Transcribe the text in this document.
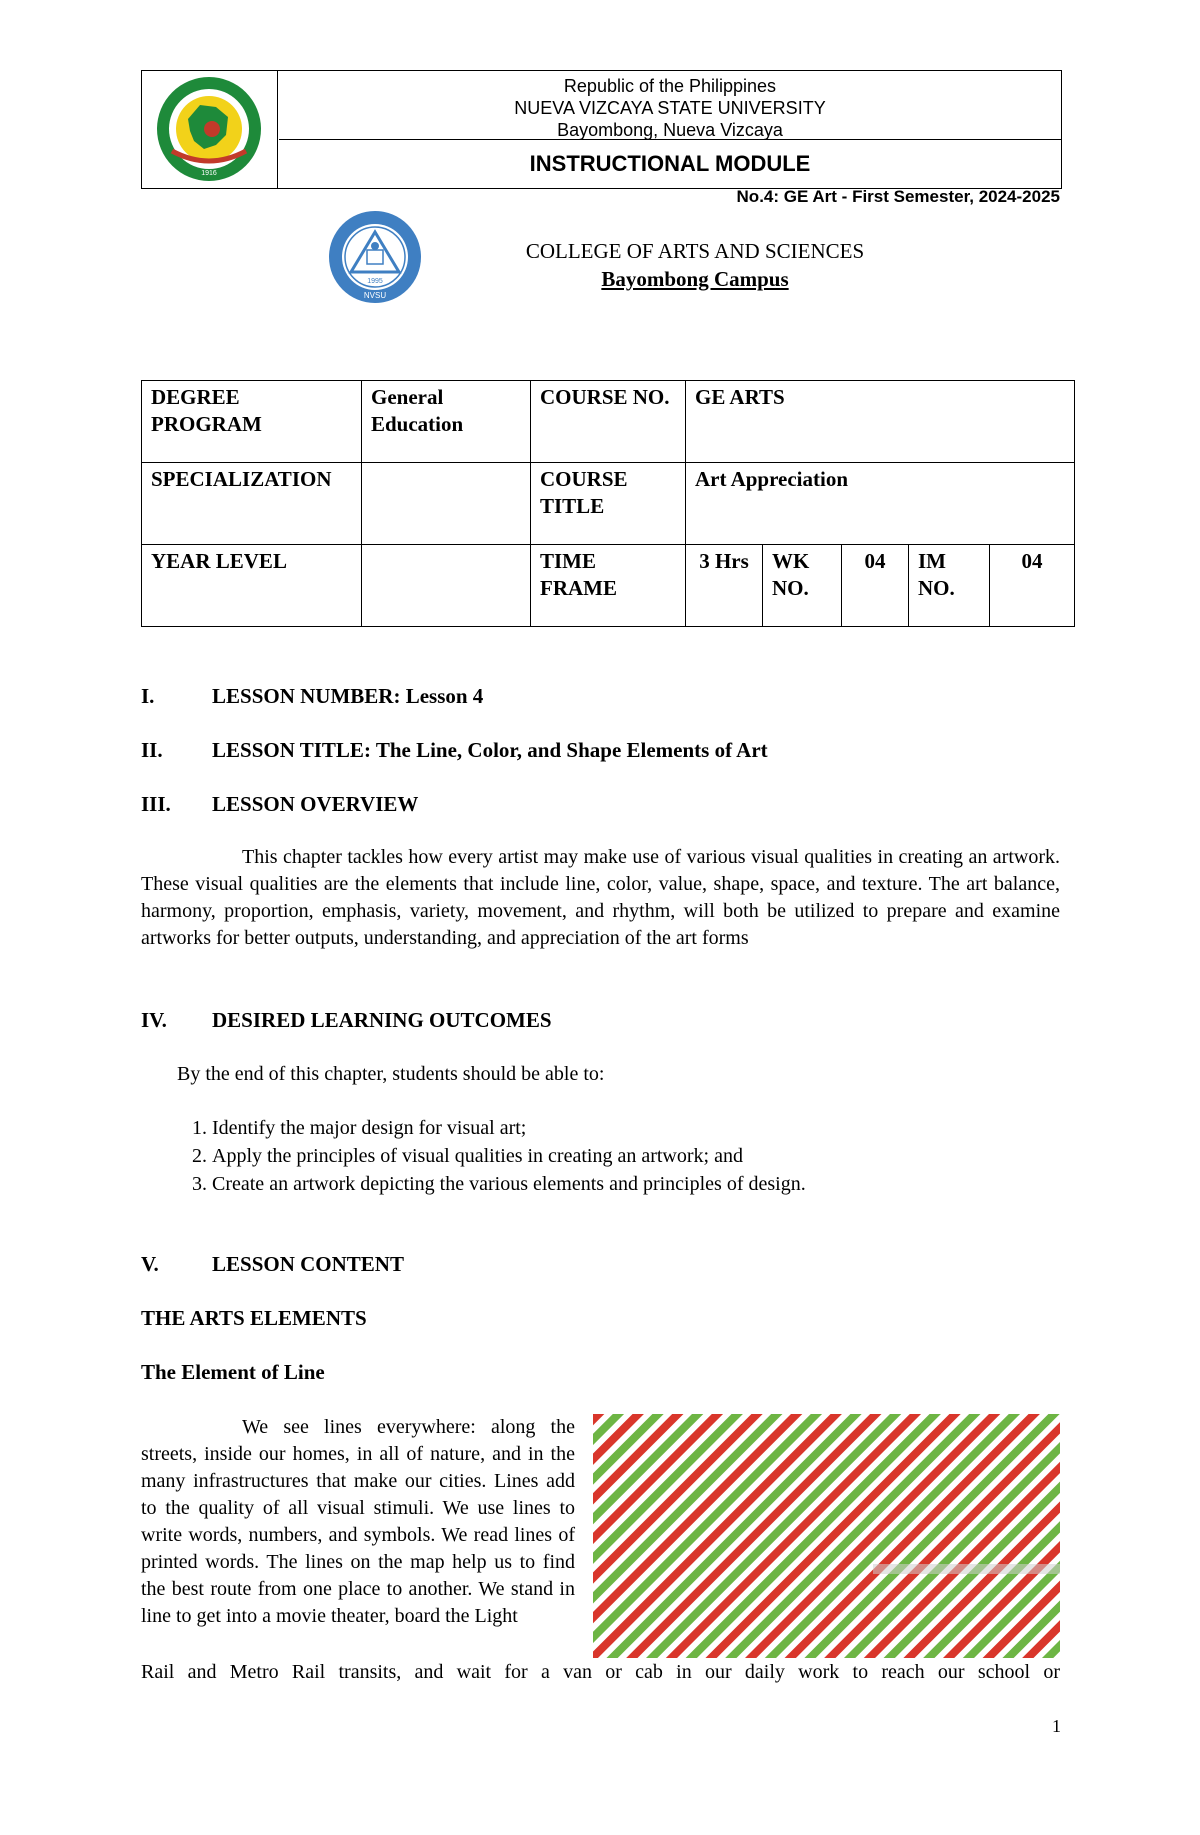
1916
Republic of the Philippines
NUEVA VIZCAYA STATE UNIVERSITY
Bayombong, Nueva Vizcaya
INSTRUCTIONAL MODULE
No.4: GE Art - First Semester, 2024-2025
1995
NVSU
COLLEGE OF ARTS AND SCIENCES
Bayombong Campus
DEGREE PROGRAM	General Education	COURSE NO.	GE ARTS				
SPECIALIZATION		COURSE TITLE	Art Appreciation				
YEAR LEVEL		TIME FRAME	3 Hrs	WK NO.	04	IM NO.	04
I.	LESSON NUMBER: Lesson 4
II. LESSON TITLE: The Line, Color, and Shape Elements of Art
III. LESSON OVERVIEW
This chapter tackles how every artist may make use of various visual qualities in creating an artwork. These visual qualities are the elements that include line, color, value, shape, space, and texture. The art balance, harmony, proportion, emphasis, variety, movement, and rhythm, will both be utilized to prepare and examine artworks for better outputs, understanding, and appreciation of the art forms
IV. DESIRED LEARNING OUTCOMES
By the end of this chapter, students should be able to:
1. Identify the major design for visual art;
2. Apply the principles of visual qualities in creating an artwork; and
3. Create an artwork depicting the various elements and principles of design.
V.	LESSON CONTENT
THE ARTS ELEMENTS
The Element of Line
We see lines everywhere: along the streets, inside our homes, in all of nature, and in the many infrastructures that make our cities. Lines add to the quality of all visual stimuli. We use lines to write words, numbers, and symbols. We read lines of printed words. The lines on the map help us to find the best route from one place to another. We stand in line to get into a movie theater, board the Light
Rail and Metro Rail transits, and wait for a van or cab in our daily work to reach our school or
1
